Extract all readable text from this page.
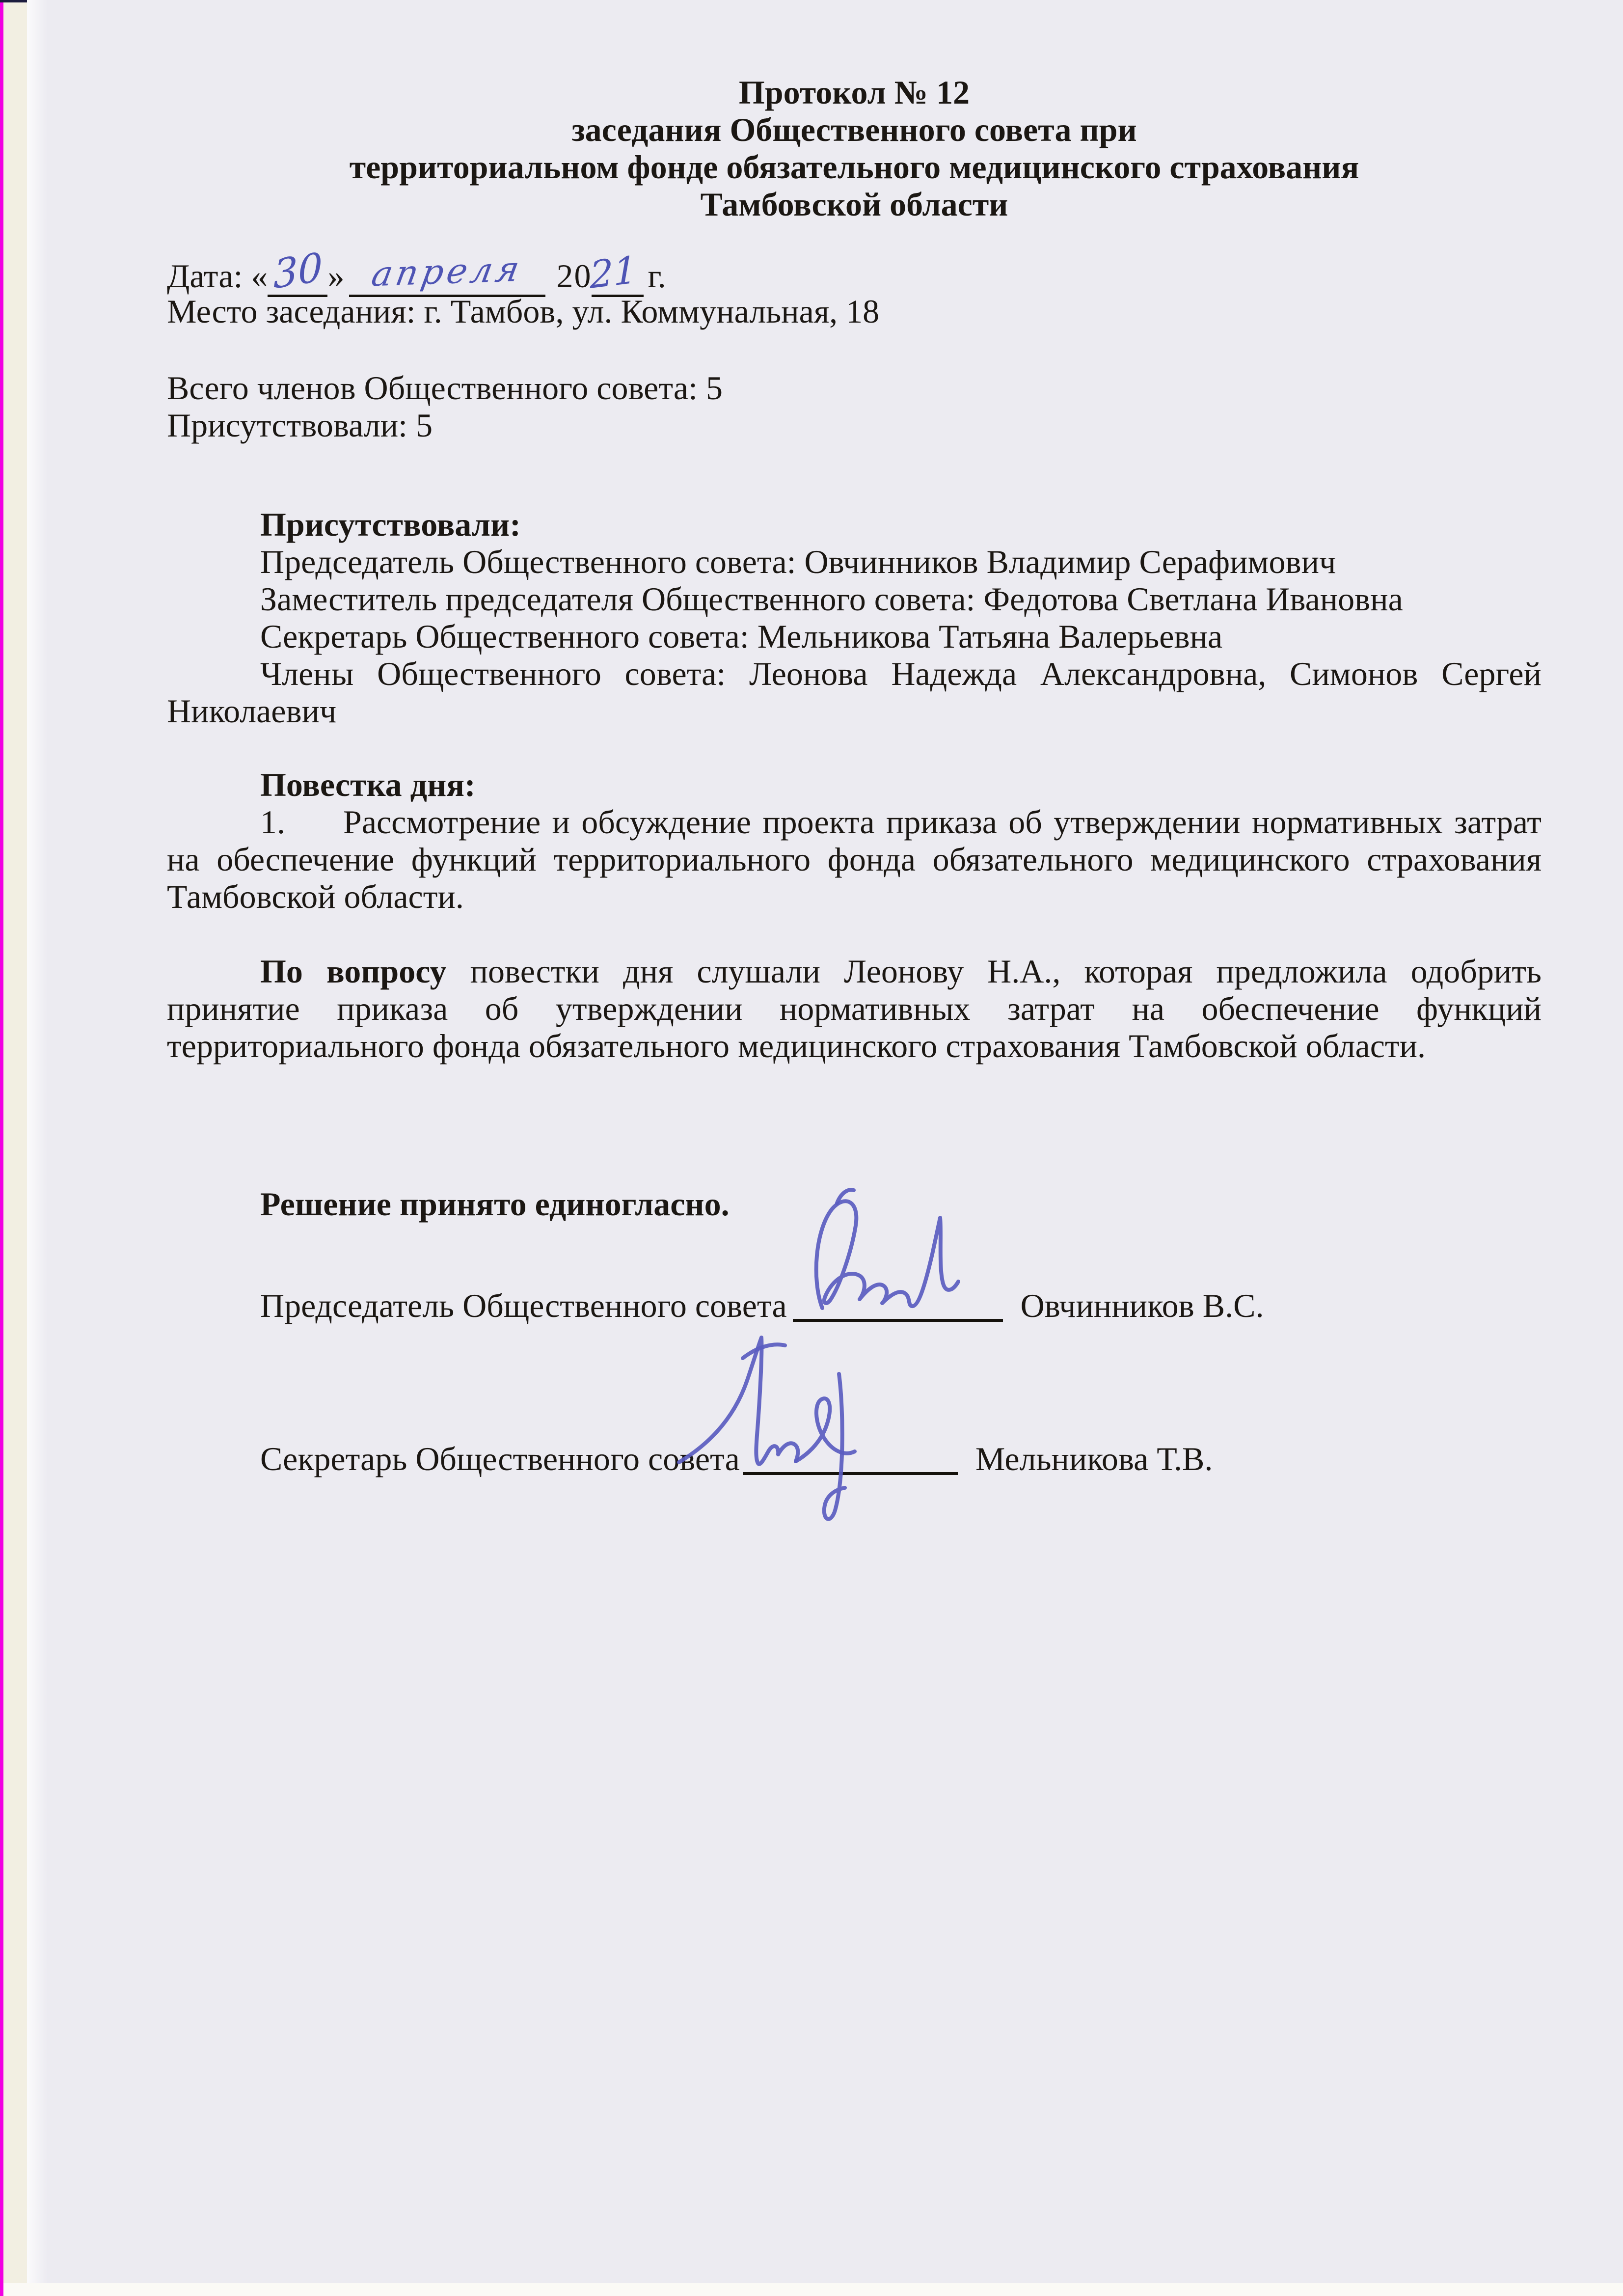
Протокол № 12
заседания Общественного совета при
территориальном фонде обязательного медицинского страхования
Тамбовской области
Дата: « 30 » апреля 2021 г.
Место заседания: г. Тамбов, ул. Коммунальная, 18
Всего членов Общественного совета: 5
Присутствовали: 5

Присутствовали:

Председатель Общественного совета: Овчинников Владимир Серафимович

Заместитель председателя Общественного совета: Федотова Светлана Ивановна

Секретарь Общественного совета: Мельникова Татьяна Валерьевна

Члены Общественного совета: Леонова Надежда Александровна, Симонов Сергей Николаевич

Повестка дня:

1. Рассмотрение и обсуждение проекта приказа об утверждении нормативных затрат на обеспечение функций территориального фонда обязательного медицинского страхования Тамбовской области.

По вопросу повестки дня слушали Леонову Н.А., которая предложила одобрить принятие приказа об утверждении нормативных затрат на обеспечение функций территориального фонда обязательного медицинского страхования Тамбовской области.

Решение принято единогласно.
Председатель Общественного совета	Овчинников В.С.
Секретарь Общественного совета	Мельникова Т.В.
